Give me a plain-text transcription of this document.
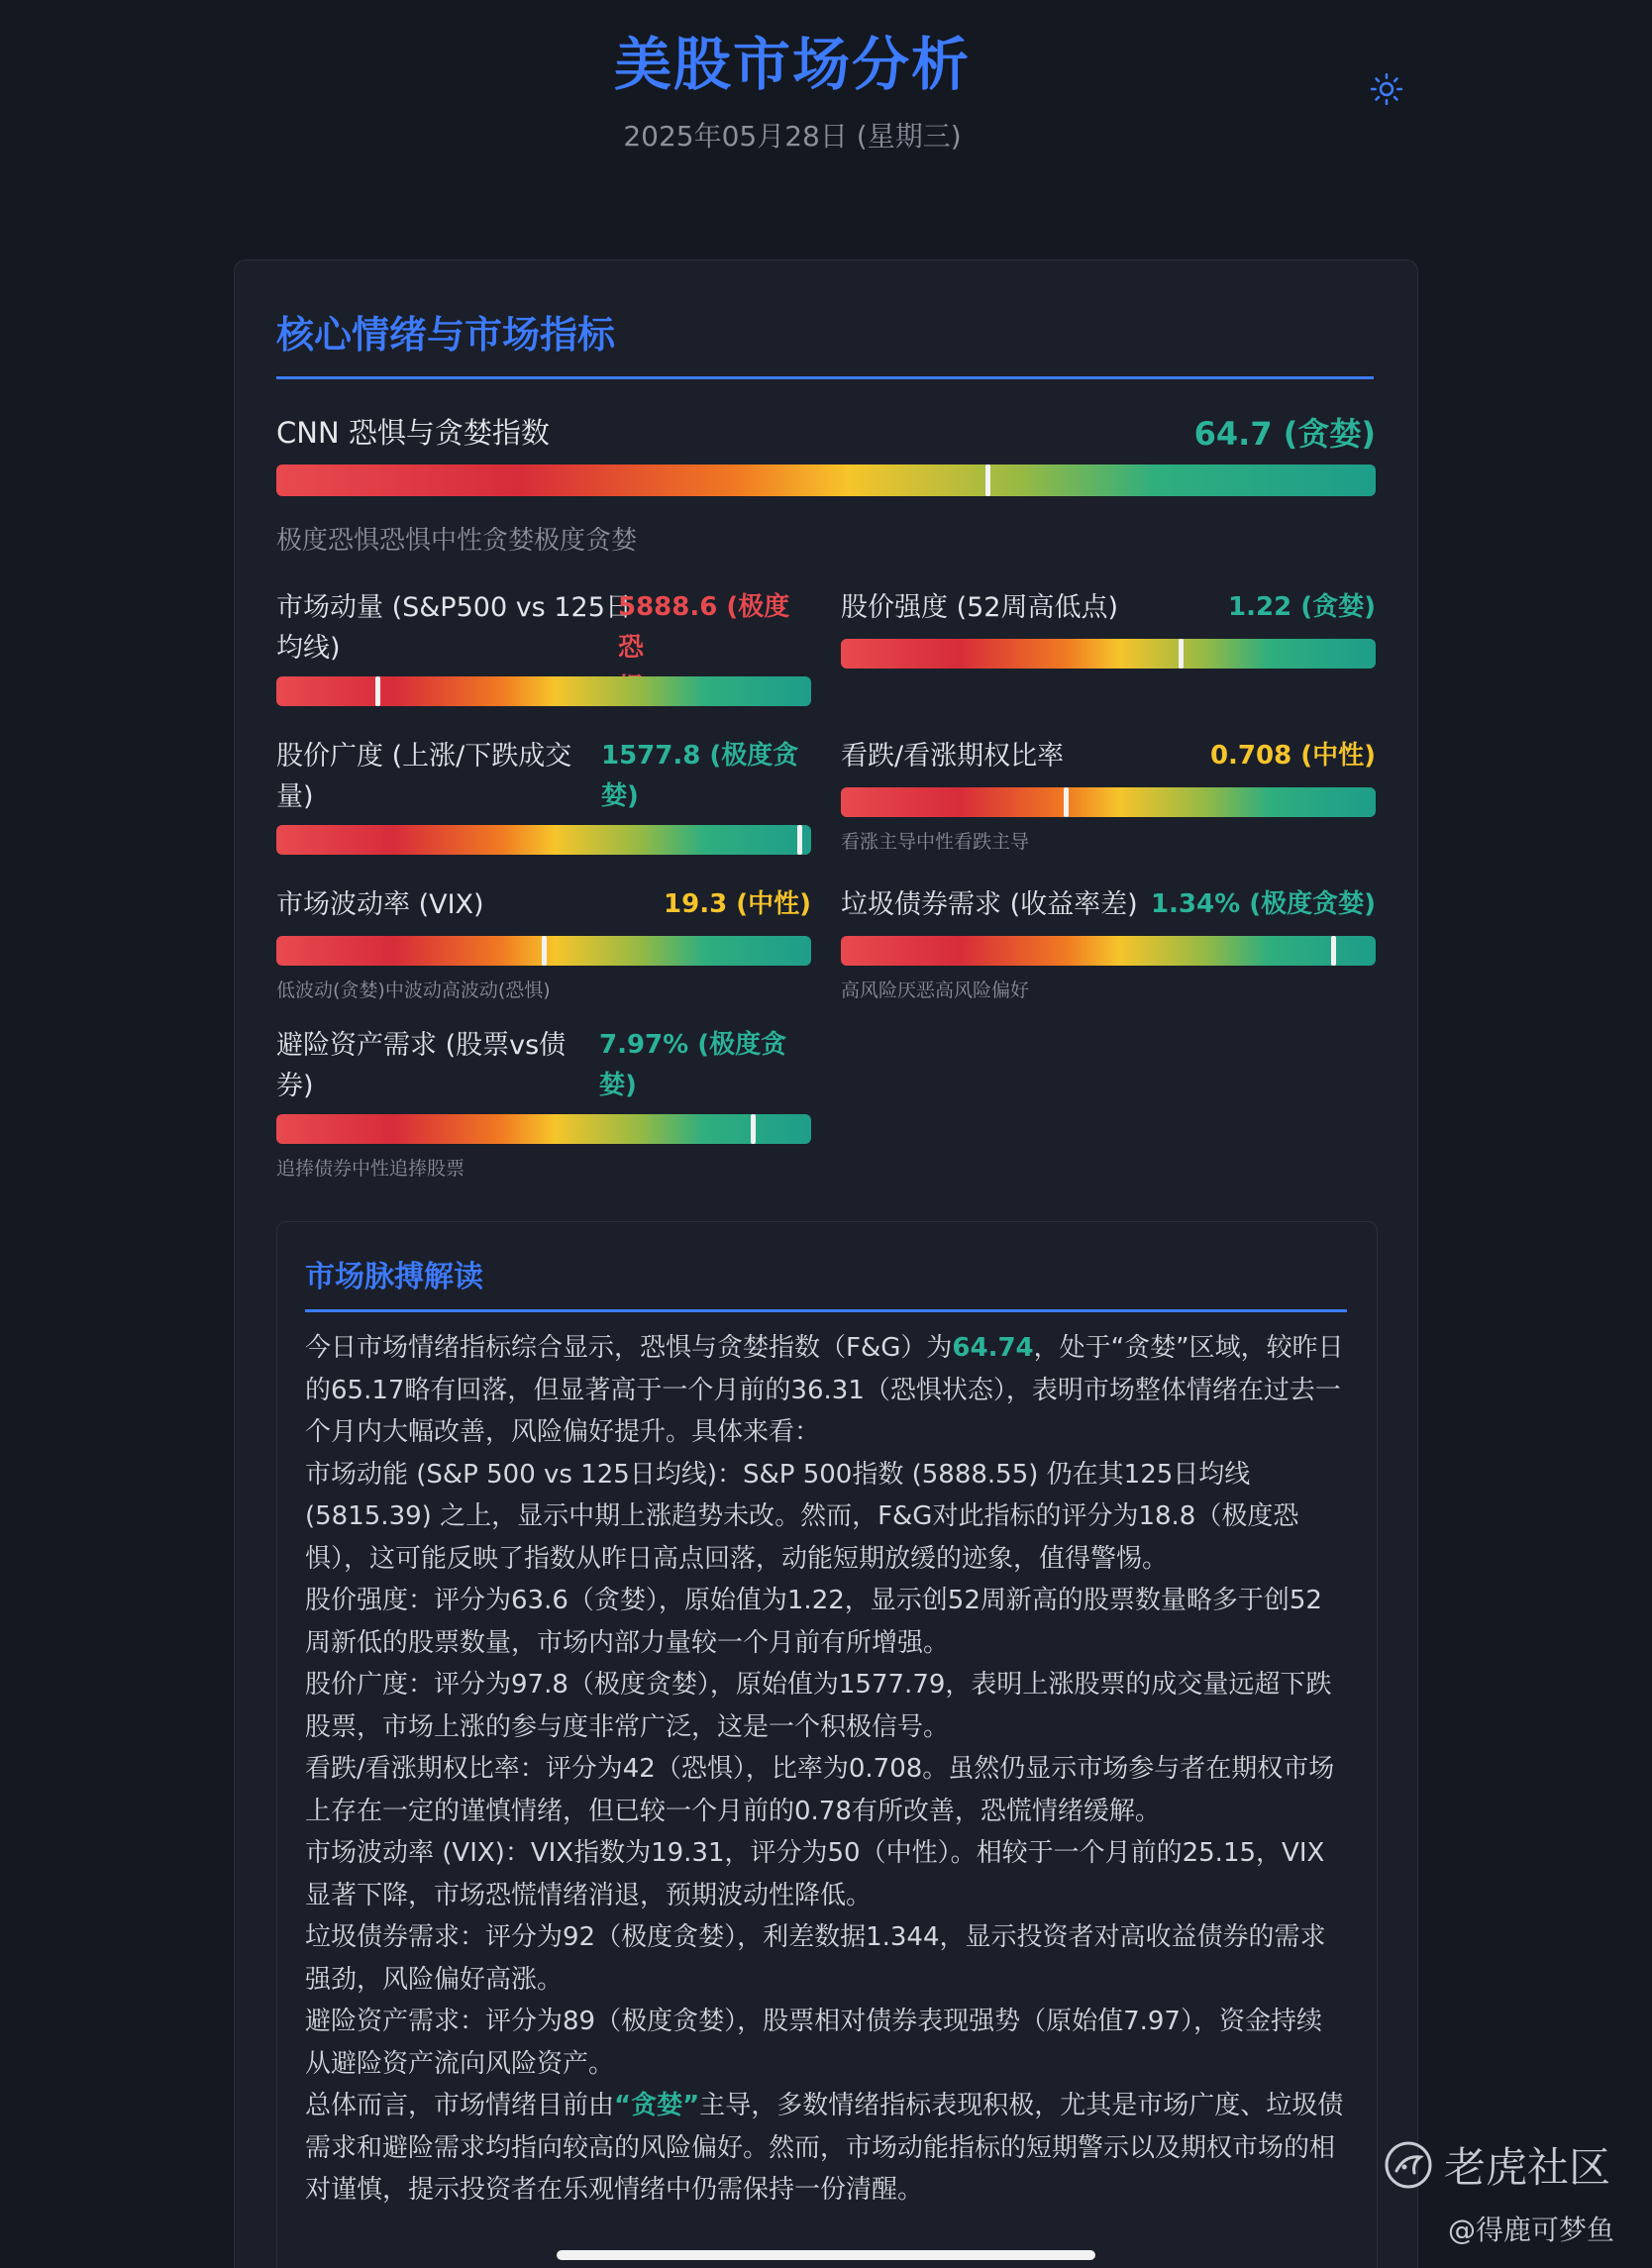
美股市场分析
2025年05月28日 (星期三)
核心情绪与市场指标
CNN 恐惧与贪婪指数	64.7 (贪婪)
极度恐惧恐惧中性贪婪极度贪婪
市场动量 (S&P500 vs 125日
均线)
5888.6 (极度恐
股价强度 (52周高低点)	1.22 (贪婪)
股价广度 (上涨/下跌成交
量)
1577.8 (极度贪
婪)
看跌/看涨期权比率	0.708 (中性)
看涨主导中性看跌主导
市场波动率 (VIX)	19.3 (中性)
低波动(贪婪)中波动高波动(恐惧)
垃圾债券需求 (收益率差) 1.34% (极度贪婪)
高风险厌恶高风险偏好
避险资产需求 (股票vs债
券)
7.97% (极度贪
婪)
追捧债券中性追捧股票
市场脉搏解读

今日市场情绪指标综合显示，恐惧与贪婪指数（F&G）为64.74，处于“贪婪”区域，较昨日的65.17略有回落，但显著高于一个月前的36.31（恐惧状态），表明市场整体情绪在过去一个月内大幅改善，风险偏好提升。具体来看：

市场动能 (S&P 500 vs 125日均线)：S&P 500指数 (5888.55) 仍在其125日均线 (5815.39) 之上，显示中期上涨趋势未改。然而，F&G对此指标的评分为18.8（极度恐惧），这可能反映了指数从昨日高点回落，动能短期放缓的迹象，值得警惕。

股价强度：评分为63.6（贪婪），原始值为1.22，显示创52周新高的股票数量略多于创52周新低的股票数量，市场内部力量较一个月前有所增强。

股价广度：评分为97.8（极度贪婪），原始值为1577.79，表明上涨股票的成交量远超下跌股票，市场上涨的参与度非常广泛，这是一个积极信号。

看跌/看涨期权比率：评分为42（恐惧），比率为0.708。虽然仍显示市场参与者在期权市场上存在一定的谨慎情绪，但已较一个月前的0.78有所改善，恐慌情绪缓解。

市场波动率 (VIX)：VIX指数为19.31，评分为50（中性）。相较于一个月前的25.15，VIX显著下降，市场恐慌情绪消退，预期波动性降低。

垃圾债券需求：评分为92（极度贪婪），利差数据1.344，显示投资者对高收益债券的需求强劲，风险偏好高涨。

避险资产需求：评分为89（极度贪婪），股票相对债券表现强势（原始值7.97），资金持续从避险资产流向风险资产。

总体而言，市场情绪目前由“贪婪”主导，多数情绪指标表现积极，尤其是市场广度、垃圾债需求和避险需求均指向较高的风险偏好。然而，市场动能指标的短期警示以及期权市场的相对谨慎，提示投资者在乐观情绪中仍需保持一份清醒。	老虎社区
@得鹿可梦鱼
